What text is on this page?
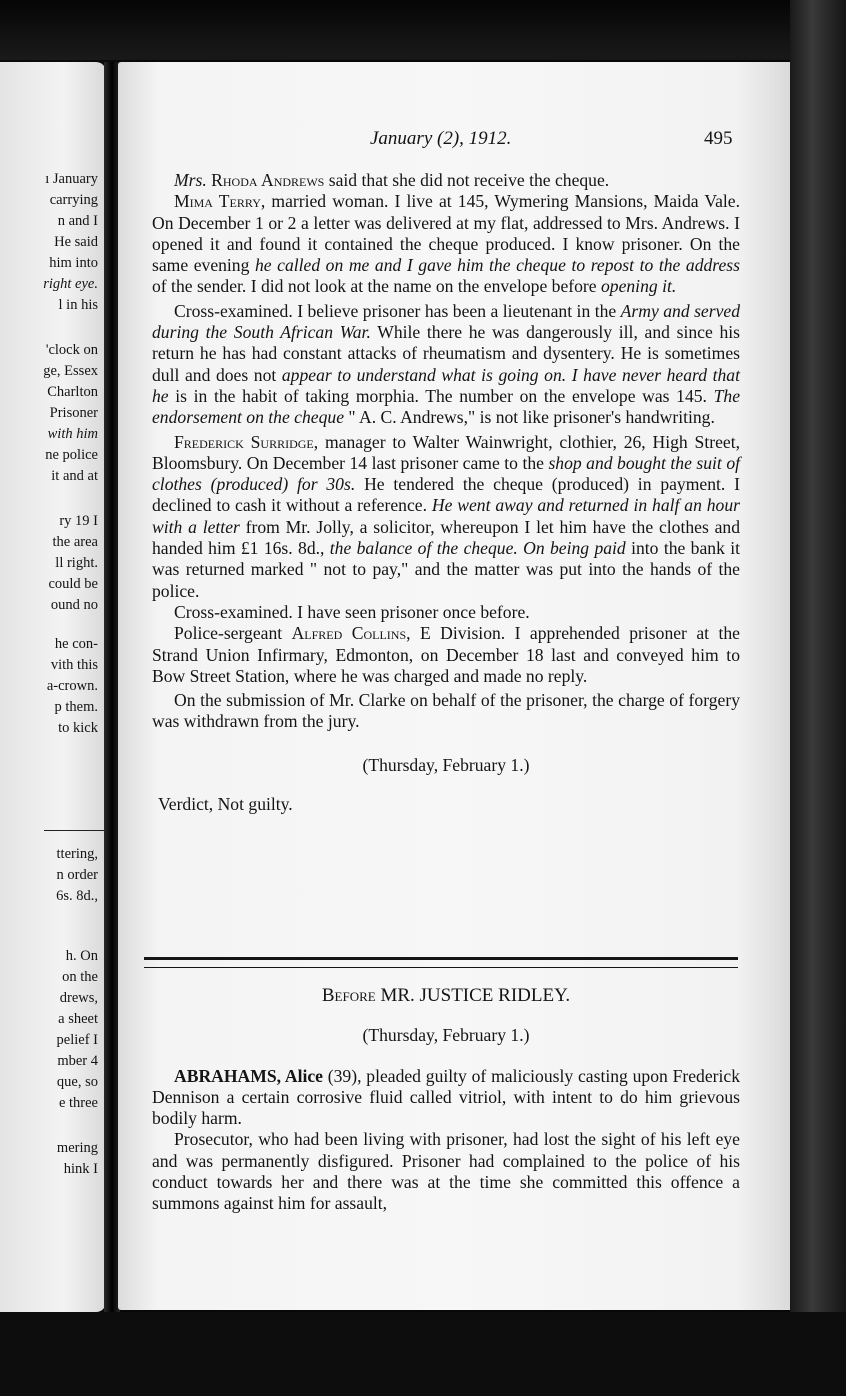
ı January
carrying
n and I
He said
him into
right eye.
l in his
'clock on
ge, Essex
Charlton
Prisoner
with him
ne police
it and at
ry 19 I
the area
ll right.
could be
ound no
he con-
vith this
a-crown.
p them.
to kick
ttering,
n order
6s. 8d.,
h. On
on the
drews,
a sheet
pelief I
mber 4
que, so
e three
mering
hink I
January (2), 1912.	495

Mrs. Rhoda Andrews said that she did not receive the cheque.

Mima Terry, married woman. I live at 145, Wymering Mansions, Maida Vale. On December 1 or 2 a letter was delivered at my flat, addressed to Mrs. Andrews. I opened it and found it contained the cheque produced. I know prisoner. On the same evening he called on me and I gave him the cheque to repost to the address of the sender. I did not look at the name on the envelope before opening it.

Cross-examined. I believe prisoner has been a lieutenant in the Army and served during the South African War. While there he was dangerously ill, and since his return he has had constant attacks of rheumatism and dysentery. He is sometimes dull and does not appear to understand what is going on. I have never heard that he is in the habit of taking morphia. The number on the envelope was 145. The endorsement on the cheque " A. C. Andrews," is not like prisoner's handwriting.

Frederick Surridge, manager to Walter Wainwright, clothier, 26, High Street, Bloomsbury. On December 14 last prisoner came to the shop and bought the suit of clothes (produced) for 30s. He tendered the cheque (produced) in payment. I declined to cash it without a reference. He went away and returned in half an hour with a letter from Mr. Jolly, a solicitor, whereupon I let him have the clothes and handed him £1 16s. 8d., the balance of the cheque. On being paid into the bank it was returned marked " not to pay," and the matter was put into the hands of the police.

Cross-examined. I have seen prisoner once before.

Police-sergeant Alfred Collins, E Division. I apprehended prisoner at the Strand Union Infirmary, Edmonton, on December 18 last and conveyed him to Bow Street Station, where he was charged and made no reply.

On the submission of Mr. Clarke on behalf of the prisoner, the charge of forgery was withdrawn from the jury.

(Thursday, February 1.)

Verdict, Not guilty.

Before MR. JUSTICE RIDLEY.

(Thursday, February 1.)

ABRAHAMS, Alice (39), pleaded guilty of maliciously casting upon Frederick Dennison a certain corrosive fluid called vitriol, with intent to do him grievous bodily harm.

Prosecutor, who had been living with prisoner, had lost the sight of his left eye and was permanently disfigured. Prisoner had complained to the police of his conduct towards her and there was at the time she committed this offence a summons against him for assault,
